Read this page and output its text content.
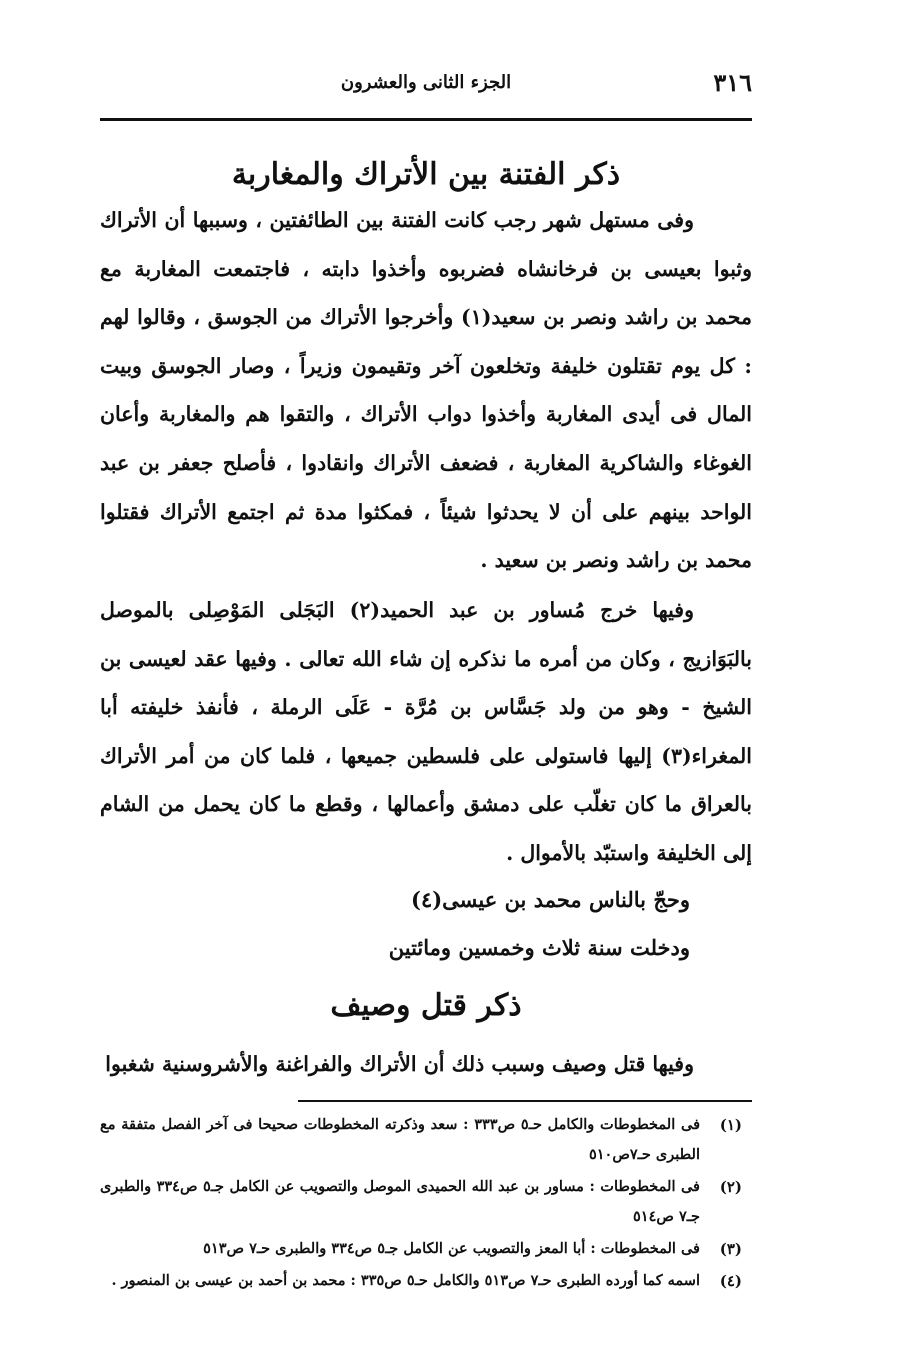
٣١٦
الجزء الثانى والعشرون
ذكر الفتنة بين الأتراك والمغاربة

وفى مستهل شهر رجب كانت الفتنة بين الطائفتين ، وسببها أن الأتراك وثبوا بعيسى بن فرخانشاه فضربوه وأخذوا دابته ، فاجتمعت المغاربة مع محمد بن راشد ونصر بن سعيد(١) وأخرجوا الأتراك من الجوسق ، وقالوا لهم : كل يوم تقتلون خليفة وتخلعون آخر وتقيمون وزيراً ، وصار الجوسق وبيت المال فى أيدى المغاربة وأخذوا دواب الأتراك ، والتقوا هم والمغاربة وأعان الغوغاء والشاكرية المغاربة ، فضعف الأتراك وانقادوا ، فأصلح جعفر بن عبد الواحد بينهم على أن لا يحدثوا شيئاً ، فمكثوا مدة ثم اجتمع الأتراك فقتلوا محمد بن راشد ونصر بن سعيد .

وفيها خرج مُساور بن عبد الحميد(٢) البَجَلى المَوْصِلى بالموصل بالبَوَازيج ، وكان من أمره ما نذكره إن شاء الله تعالى . وفيها عقد لعيسى بن الشيخ - وهو من ولد جَسَّاس بن مُرَّة - عَلَى الرملة ، فأنفذ خليفته أبا المغراء(٣) إليها فاستولى على فلسطين جميعها ، فلما كان من أمر الأتراك بالعراق ما كان تغلّب على دمشق وأعمالها ، وقطع ما كان يحمل من الشام إلى الخليفة واستبّد بالأموال .

وحجّ بالناس محمد بن عيسى(٤)
ودخلت سنة ثلاث وخمسين ومائتين
ذكر قتل وصيف

وفيها قتل وصيف وسبب ذلك أن الأتراك والفراغنة والأشروسنية شغبوا

(١)
فى المخطوطات والكامل حـ٥ ص٣٣٣ : سعد وذكرته المخطوطات صحيحا فى آخر الفصل متفقة مع الطبرى حـ٧ص٥١٠
(٢)
فى المخطوطات : مساور بن عبد الله الحميدى الموصل والتصويب عن الكامل جـ٥ ص٣٣٤ والطبرى جـ٧ ص٥١٤
(٣)
فى المخطوطات : أبا المعز والتصويب عن الكامل جـ٥ ص٣٣٤ والطبرى حـ٧ ص٥١٣
(٤)
اسمه كما أورده الطبرى حـ٧ ص٥١٣ والكامل حـ٥ ص٣٣٥ : محمد بن أحمد بن عيسى بن المنصور .
